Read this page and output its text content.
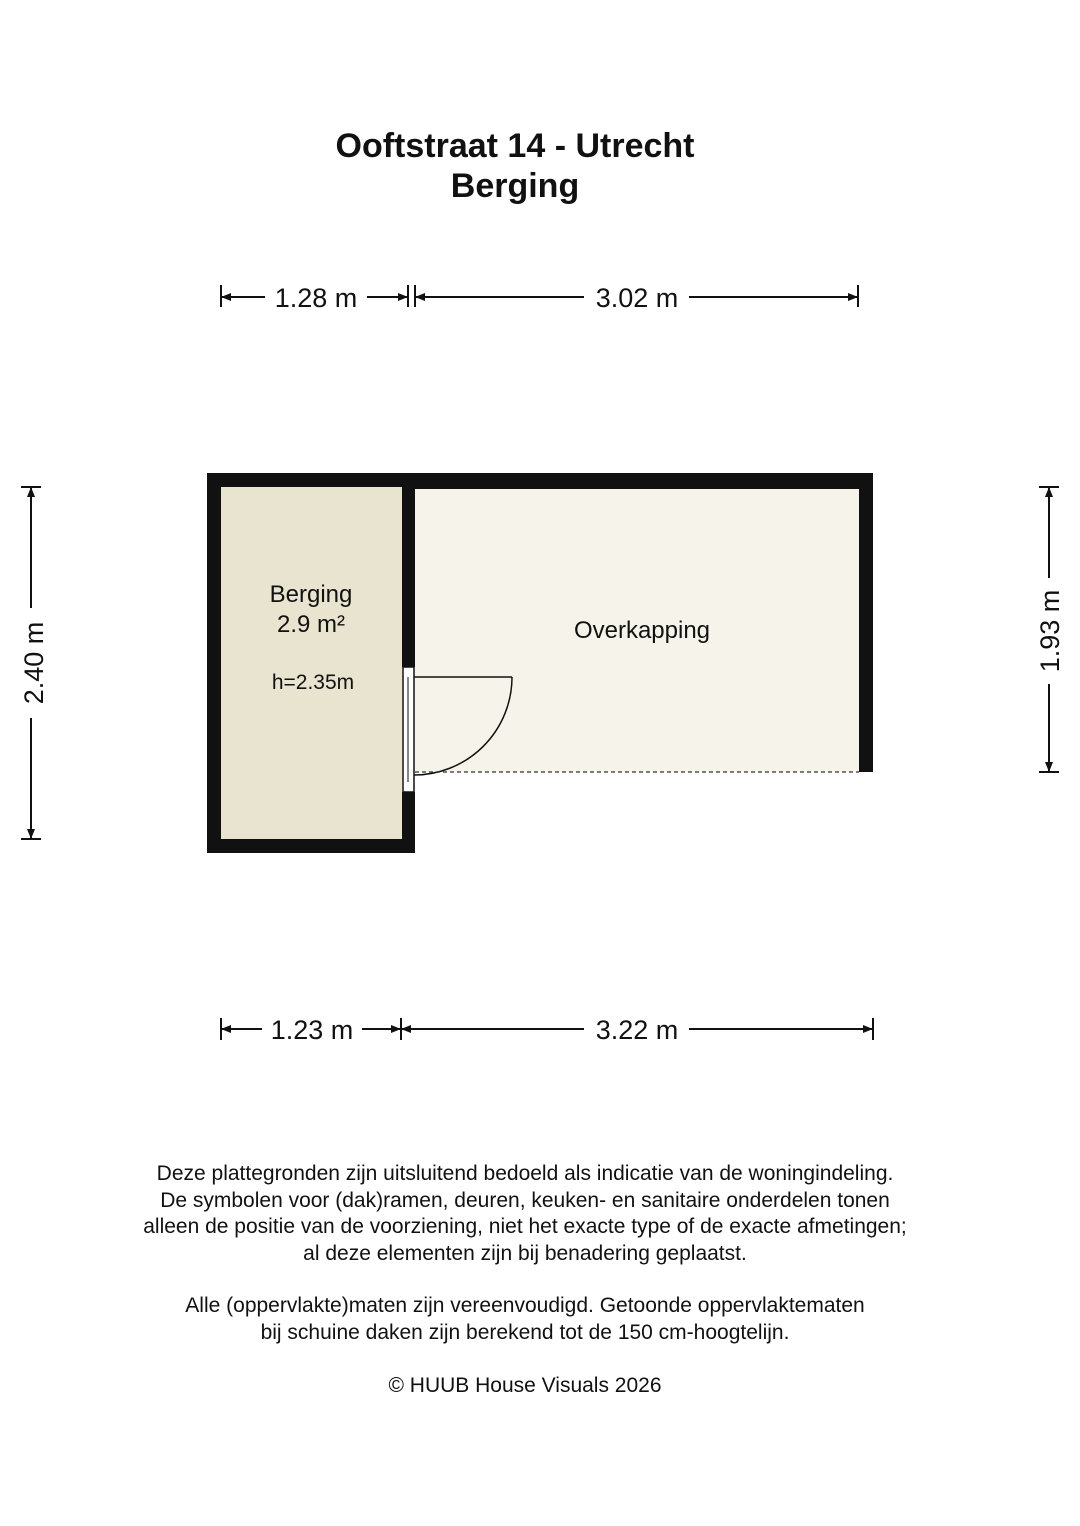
Ooftstraat 14 - Utrecht
Berging
1.28 m	3.02 m
2.40 m	1.93 m
Berging
2.9 m²
h=2.35m
Overkapping
1.23 m	3.22 m
Deze plattegronden zijn uitsluitend bedoeld als indicatie van de woningindeling.
De symbolen voor (dak)ramen, deuren, keuken- en sanitaire onderdelen tonen
alleen de positie van de voorziening, niet het exacte type of de exacte afmetingen;
al deze elementen zijn bij benadering geplaatst.
Alle (oppervlakte)maten zijn vereenvoudigd. Getoonde oppervlaktematen
bij schuine daken zijn berekend tot de 150 cm-hoogtelijn.
© HUUB House Visuals 2026
